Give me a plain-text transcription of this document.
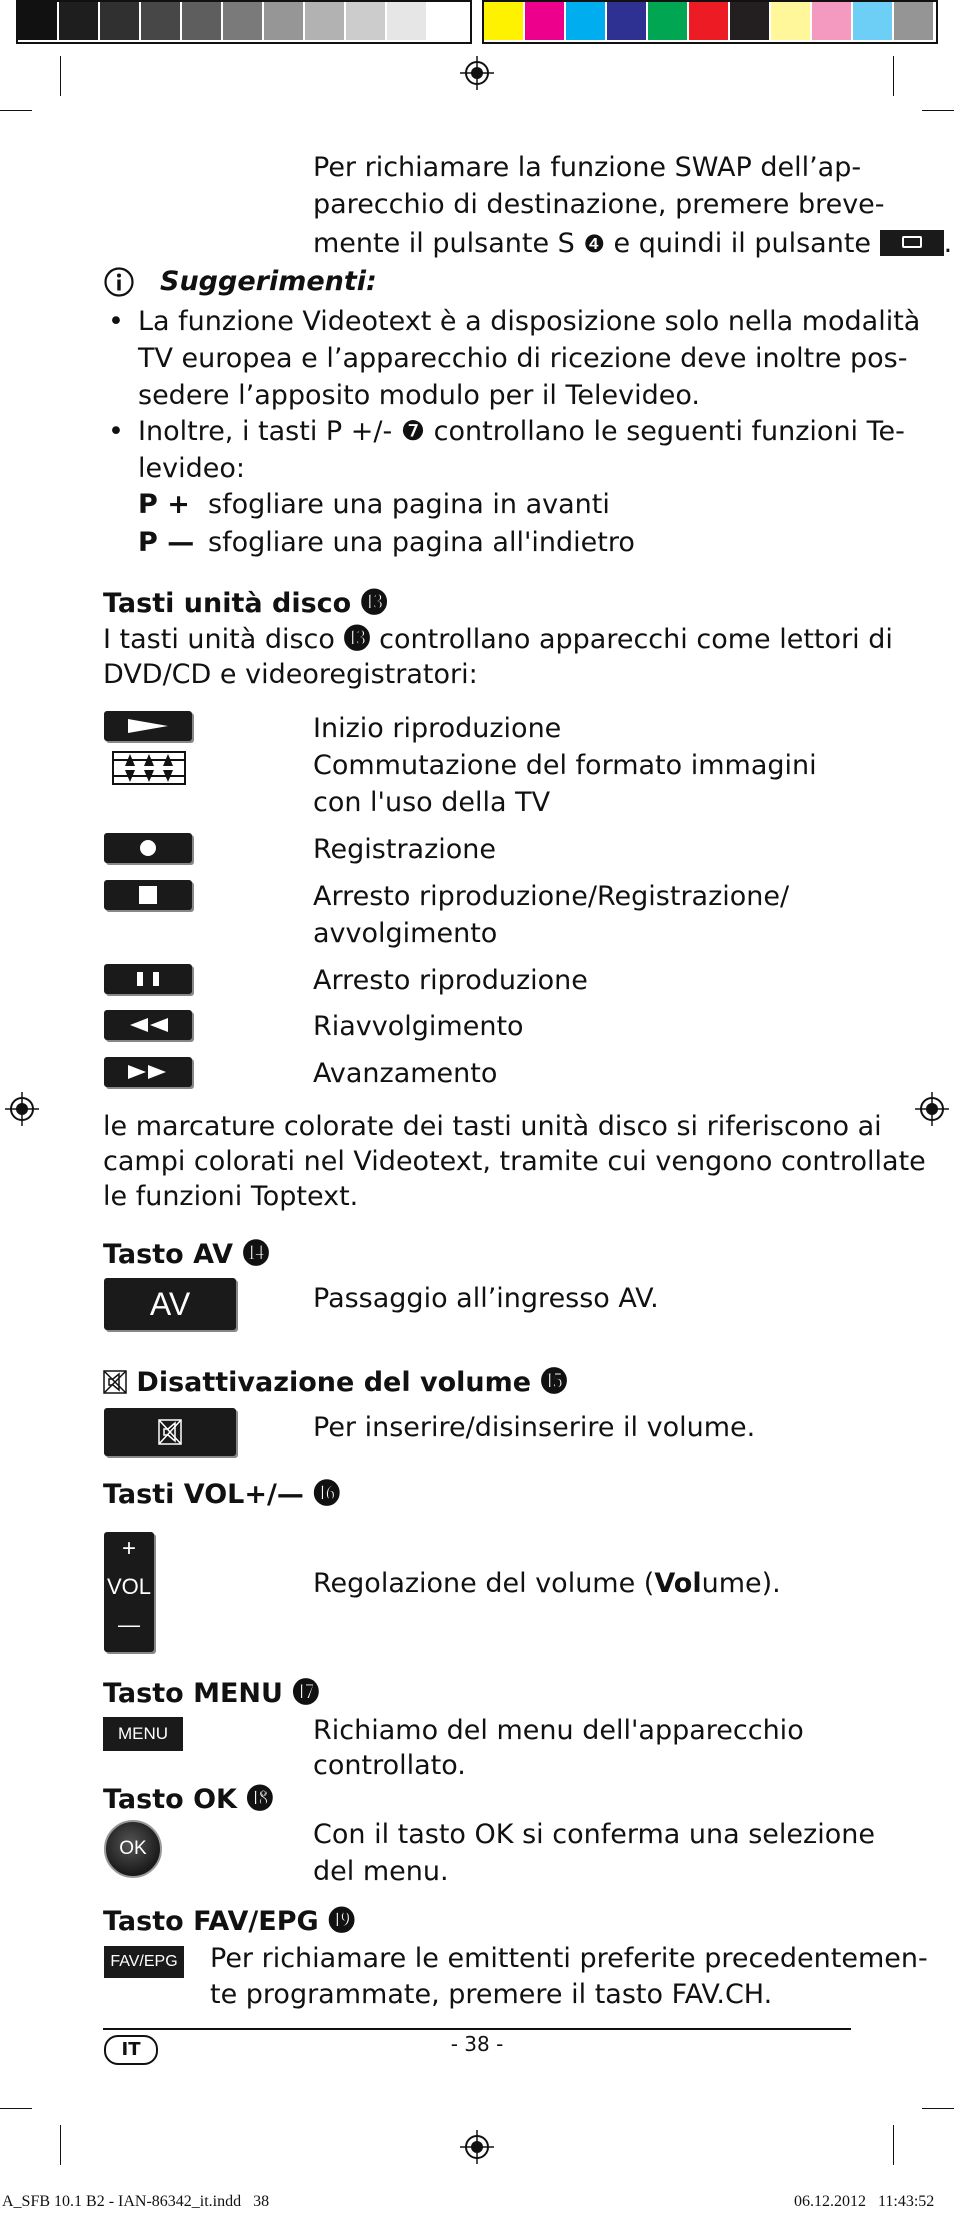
Per richiamare la funzione SWAP dell’ap-
parecchio di destinazione, premere breve-
mente il pulsante S ❹ e quindi il pulsante	.
Suggerimenti:
• La funzione Videotext è a disposizione solo nella modalità
TV europea e l’apparecchio di ricezione deve inoltre pos-
sedere l’apposito modulo per il Televideo.
• Inoltre, i tasti P +/- ❼ controllano le seguenti funzioni Te-
levideo:
P + sfogliare una pagina in avanti
P — sfogliare una pagina all'indietro
Tasti unità disco ⓭
I tasti unità disco ⓭ controllano apparecchi come lettori di
DVD/CD e videoregistratori:
Inizio riproduzione
Commutazione del formato immagini
con l'uso della TV
Registrazione
Arresto riproduzione/Registrazione/
avvolgimento
Arresto riproduzione
Riavvolgimento
Avanzamento
le marcature colorate dei tasti unità disco si riferiscono ai
campi colorati nel Videotext, tramite cui vengono controllate
le funzioni Toptext.
Tasto AV ⓮
AV	Passaggio all’ingresso AV.
Disattivazione del volume ⓯
Per inserire/disinserire il volume.
Tasti VOL+/— ⓰
+
VOL
—
Regolazione del volume (Volume).
Tasto MENU ⓱
MENU	Richiamo del menu dell'apparecchio
controllato.
Tasto OK ⓲
OK	Con il tasto OK si conferma una selezione
del menu.
Tasto FAV/EPG ⓳
FAV/EPG Per richiamare le emittenti preferite precedentemen-
te programmate, premere il tasto FAV.CH.
IT	- 38 -
A_SFB 10.1 B2 - IAN-86342_it.indd   38	06.12.2012   11:43:52
